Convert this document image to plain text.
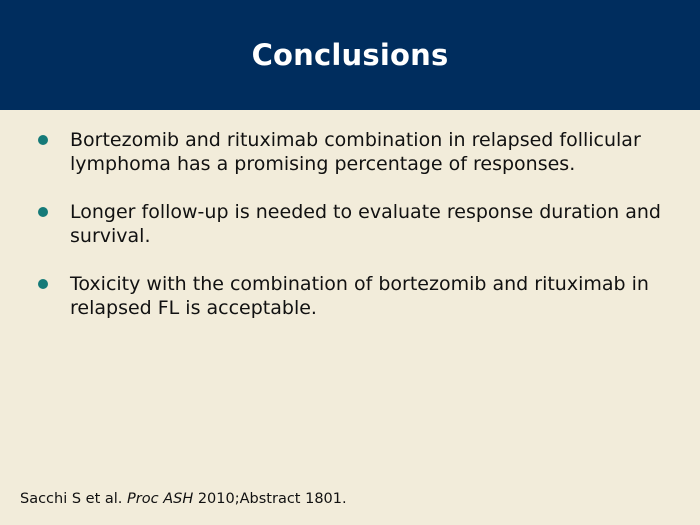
Conclusions
Bortezomib and rituximab combination in relapsed follicular lymphoma has a promising percentage of responses.
Longer follow-up is needed to evaluate response duration and survival.
Toxicity with the combination of bortezomib and rituximab in relapsed FL is acceptable.
Sacchi S et al. Proc ASH 2010;Abstract 1801.
